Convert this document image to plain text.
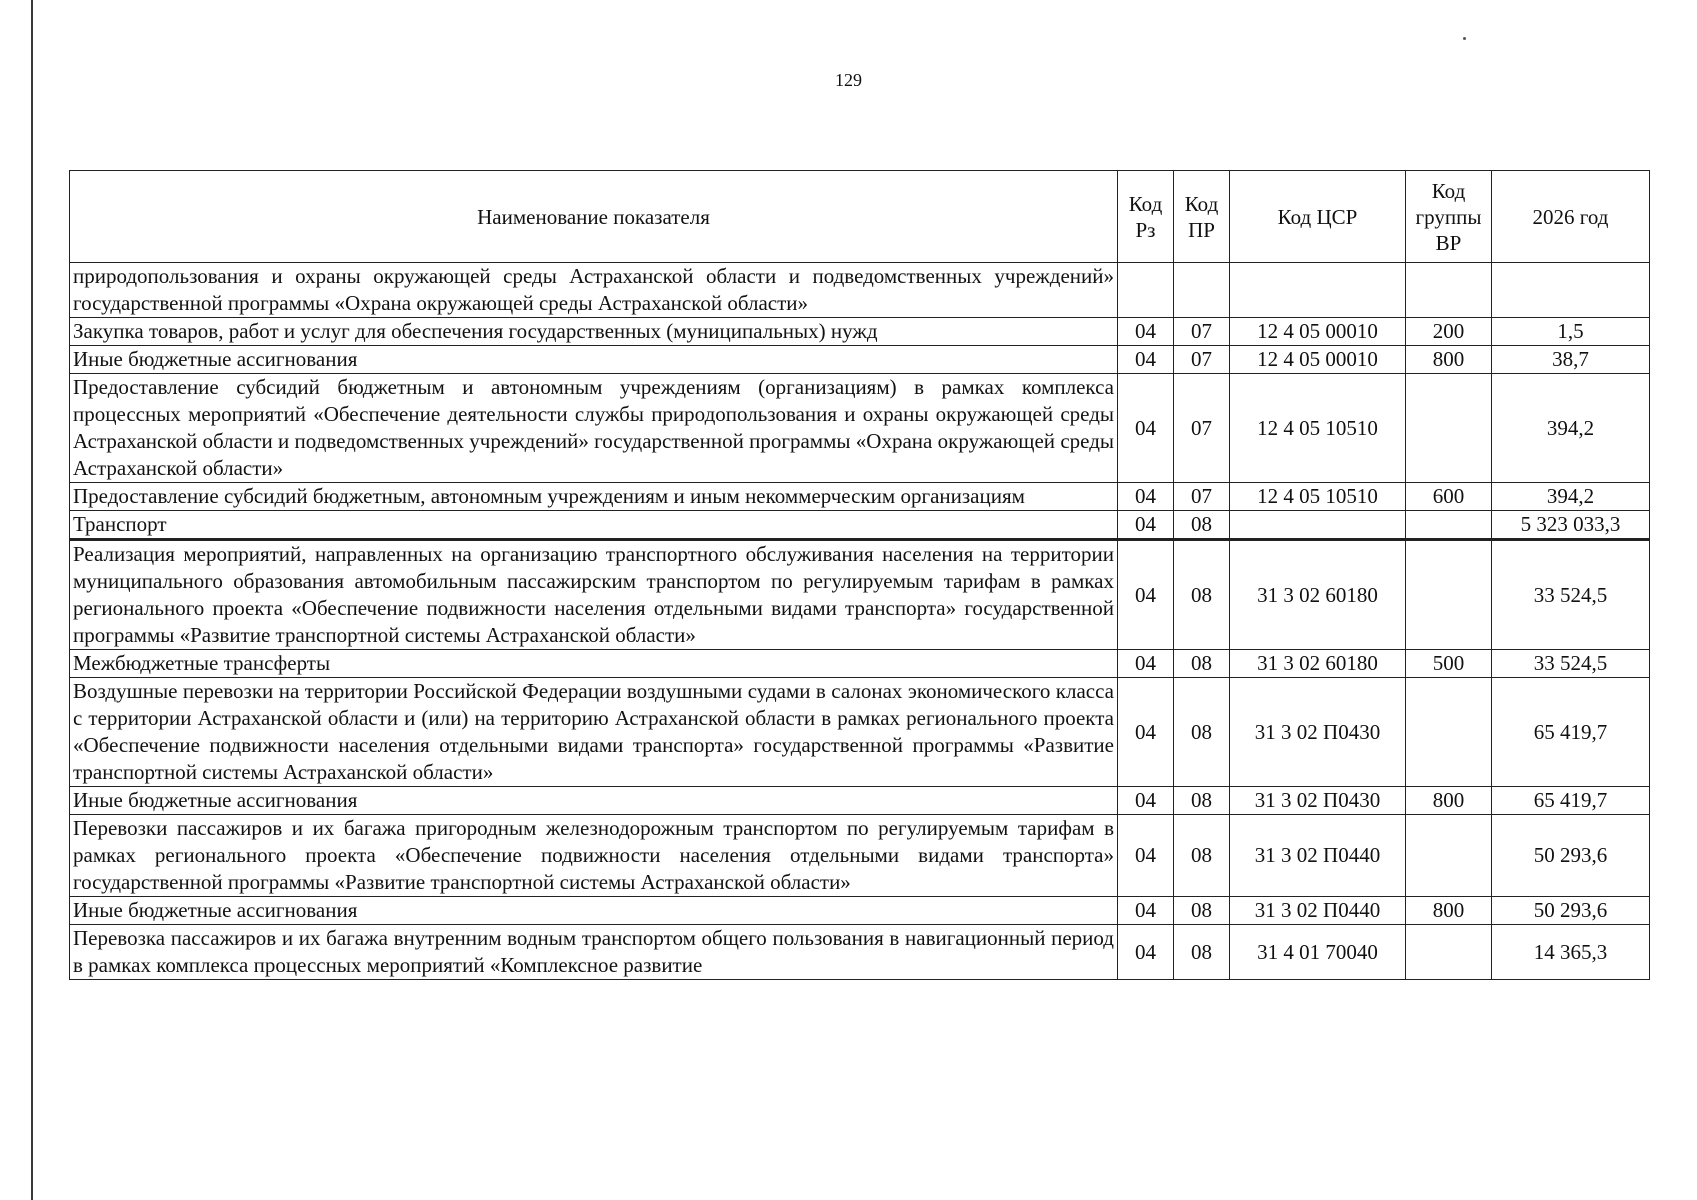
129
Наименование показателя	Код Рз	Код ПР	Код ЦСР	Код группы ВР	2026 год
природопользования и охраны окружающей среды Астраханской области и подведомственных учреждений» государственной программы «Охрана окружающей среды Астраханской области»					
Закупка товаров, работ и услуг для обеспечения государственных (муниципальных) нужд	04	07	12 4 05 00010	200	1,5
Иные бюджетные ассигнования	04	07	12 4 05 00010	800	38,7
Предоставление субсидий бюджетным и автономным учреждениям (организациям) в рамках комплекса процессных мероприятий «Обеспечение деятельности службы природопользования и охраны окружающей среды Астраханской области и подведомственных учреждений» государственной программы «Охрана окружающей среды Астраханской области»	04	07	12 4 05 10510		394,2
Предоставление субсидий бюджетным, автономным учреждениям и иным некоммерческим организациям	04	07	12 4 05 10510	600	394,2
Транспорт	04	08			5 323 033,3
Реализация мероприятий, направленных на организацию транспортного обслуживания населения на территории муниципального образования автомобильным пассажирским транспортом по регулируемым тарифам в рамках регионального проекта «Обеспечение подвижности населения отдельными видами транспорта» государственной программы «Развитие транспортной системы Астраханской области»	04	08	31 3 02 60180		33 524,5
Межбюджетные трансферты	04	08	31 3 02 60180	500	33 524,5
Воздушные перевозки на территории Российской Федерации воздушными судами в салонах экономического класса с территории Астраханской области и (или) на территорию Астраханской области в рамках регионального проекта «Обеспечение подвижности населения отдельными видами транспорта» государственной программы «Развитие транспортной системы Астраханской области»	04	08	31 3 02 П0430		65 419,7
Иные бюджетные ассигнования	04	08	31 3 02 П0430	800	65 419,7
Перевозки пассажиров и их багажа пригородным железнодорожным транспортом по регулируемым тарифам в рамках регионального проекта «Обеспечение подвижности населения отдельными видами транспорта» государственной программы «Развитие транспортной системы Астраханской области»	04	08	31 3 02 П0440		50 293,6
Иные бюджетные ассигнования	04	08	31 3 02 П0440	800	50 293,6
Перевозка пассажиров и их багажа внутренним водным транспортом общего пользования в навигационный период в рамках комплекса процессных мероприятий «Комплексное развитие	04	08	31 4 01 70040		14 365,3
